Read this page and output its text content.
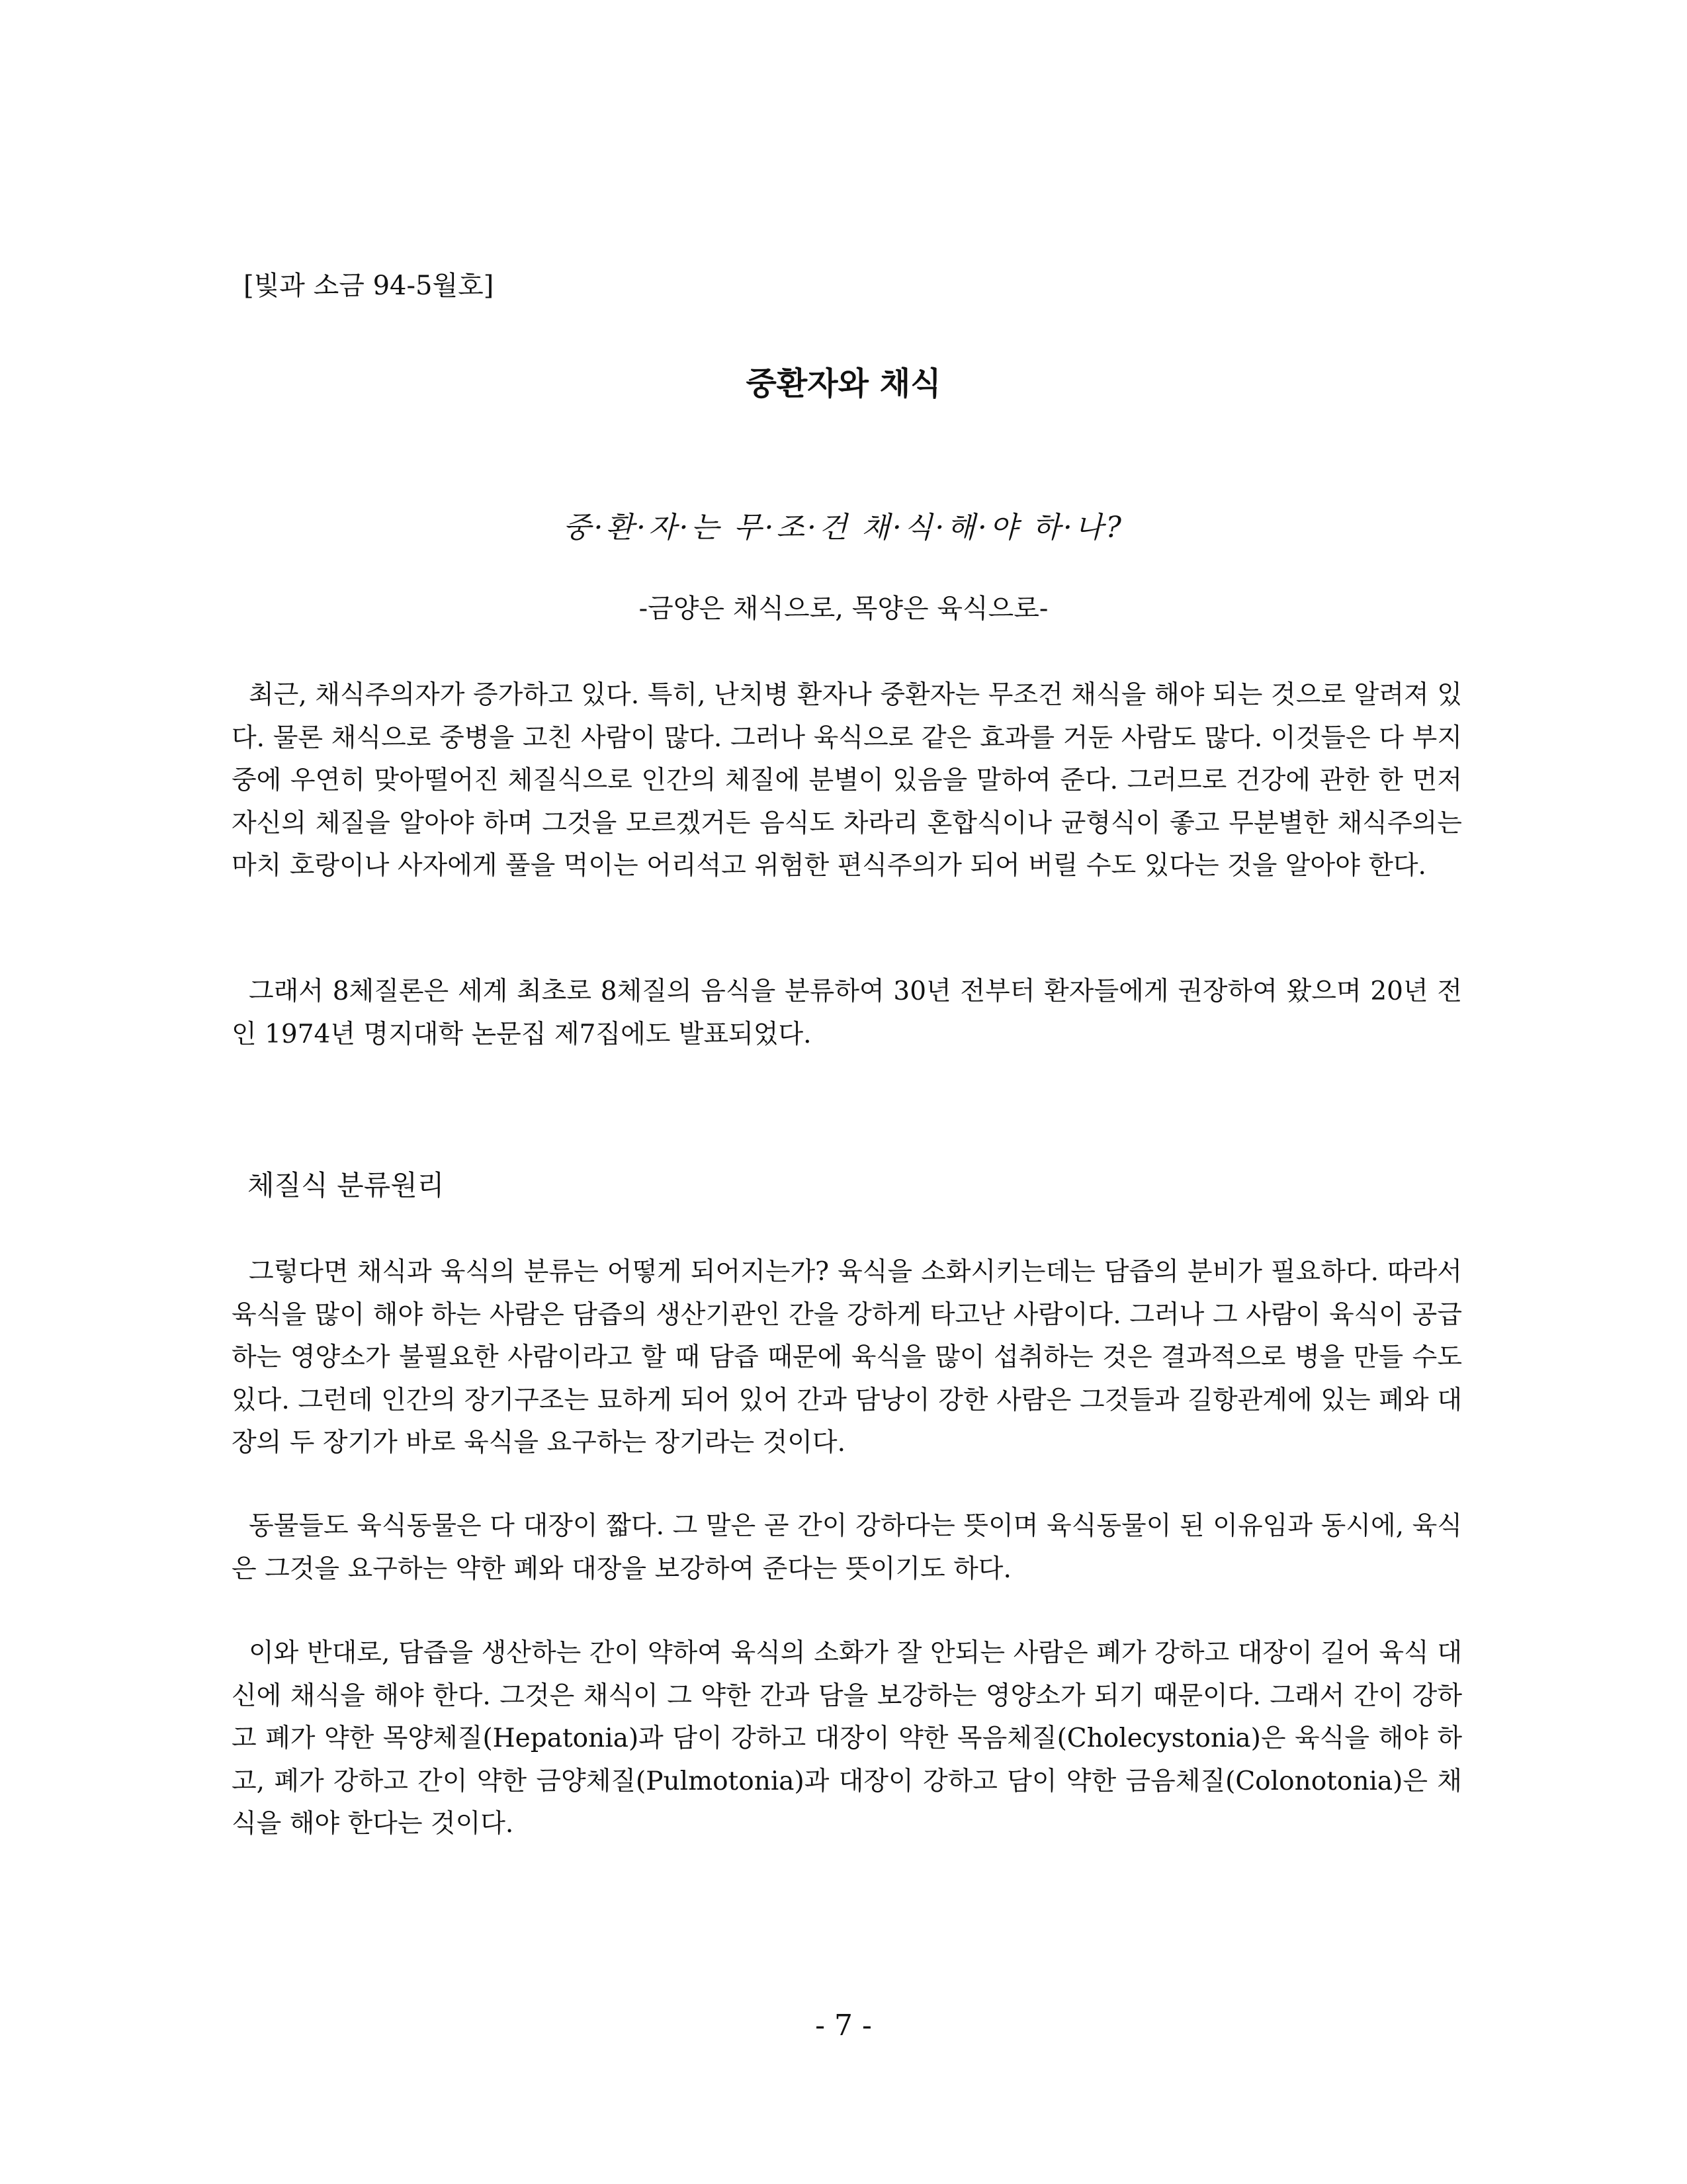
[빛과 소금 94-5월호]
중환자와 채식
중·환·자·는 무·조·건 채·식·해·야 하·나?
-금양은 채식으로, 목양은 육식으로-

최근, 채식주의자가 증가하고 있다. 특히, 난치병 환자나 중환자는 무조건 채식을 해야 되는 것으로 알려져 있다. 물론 채식으로 중병을 고친 사람이 많다. 그러나 육식으로 같은 효과를 거둔 사람도 많다. 이것들은 다 부지중에 우연히 맞아떨어진 체질식으로 인간의 체질에 분별이 있음을 말하여 준다. 그러므로 건강에 관한 한 먼저 자신의 체질을 알아야 하며 그것을 모르겠거든 음식도 차라리 혼합식이나 균형식이 좋고 무분별한 채식주의는 마치 호랑이나 사자에게 풀을 먹이는 어리석고 위험한 편식주의가 되어 버릴 수도 있다는 것을 알아야 한다.

그래서 8체질론은 세계 최초로 8체질의 음식을 분류하여 30년 전부터 환자들에게 권장하여 왔으며 20년 전인 1974년 명지대학 논문집 제7집에도 발표되었다.

체질식 분류원리

그렇다면 채식과 육식의 분류는 어떻게 되어지는가? 육식을 소화시키는데는 담즙의 분비가 필요하다. 따라서 육식을 많이 해야 하는 사람은 담즙의 생산기관인 간을 강하게 타고난 사람이다. 그러나 그 사람이 육식이 공급하는 영양소가 불필요한 사람이라고 할 때 담즙 때문에 육식을 많이 섭취하는 것은 결과적으로 병을 만들 수도 있다. 그런데 인간의 장기구조는 묘하게 되어 있어 간과 담낭이 강한 사람은 그것들과 길항관계에 있는 폐와 대장의 두 장기가 바로 육식을 요구하는 장기라는 것이다.

동물들도 육식동물은 다 대장이 짧다. 그 말은 곧 간이 강하다는 뜻이며 육식동물이 된 이유임과 동시에, 육식은 그것을 요구하는 약한 폐와 대장을 보강하여 준다는 뜻이기도 하다.

이와 반대로, 담즙을 생산하는 간이 약하여 육식의 소화가 잘 안되는 사람은 폐가 강하고 대장이 길어 육식 대신에 채식을 해야 한다. 그것은 채식이 그 약한 간과 담을 보강하는 영양소가 되기 때문이다. 그래서 간이 강하고 폐가 약한 목양체질(Hepatonia)과 담이 강하고 대장이 약한 목음체질(Cholecystonia)은 육식을 해야 하고, 폐가 강하고 간이 약한 금양체질(Pulmotonia)과 대장이 강하고 담이 약한 금음체질(Colonotonia)은 채식을 해야 한다는 것이다.

- 7 -
